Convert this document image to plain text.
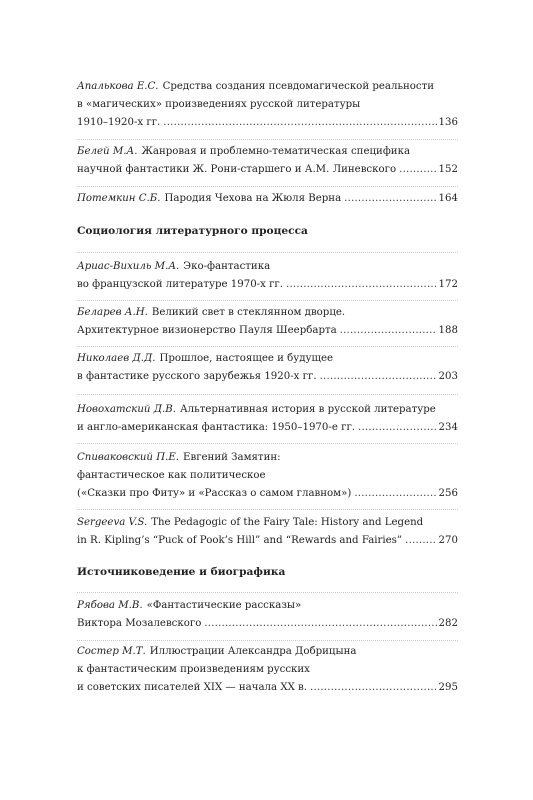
Апалькова Е.С. Средства создания псевдомагической реальности
в «магических» произведениях русской литературы
1910–1920-х гг. .....	136
Белей М.А. Жанровая и проблемно-тематическая специфика
научной фантастики Ж. Рони-старшего и А.М. Линевского .....	152
Потемкин С.Б. Пародия Чехова на Жюля Верна .....	164
Социология литературного процесса
Ариас-Вихиль М.А. Эко-фантастика
во французской литературе 1970-х гг. .....	172
Беларев А.Н. Великий свет в стеклянном дворце.
Архитектурное визионерство Пауля Шеербарта .....	188
Николаев Д.Д. Прошлое, настоящее и будущее
в фантастике русского зарубежья 1920-х гг. .....	203
Новохатский Д.В. Альтернативная история в русской литературе
и англо-американская фантастика: 1950–1970-е гг. .....	234
Спиваковский П.Е. Евгений Замятин:
фантастическое как политическое
(«Сказки про Фиту» и «Рассказ о самом главном») .....	256
Sergeeva V.S. The Pedagogic of the Fairy Tale: History and Legend
in R. Kipling’s “Puck of Pook’s Hill” and “Rewards and Fairies” .....	270
Источниковедение и биографика
Рябова М.В. «Фантастические рассказы»
Виктора Мозалевского .....	282
Состер М.Т. Иллюстрации Александра Добрицына
к фантастическим произведениям русских
и советских писателей XIX — начала XX в. .....	295
